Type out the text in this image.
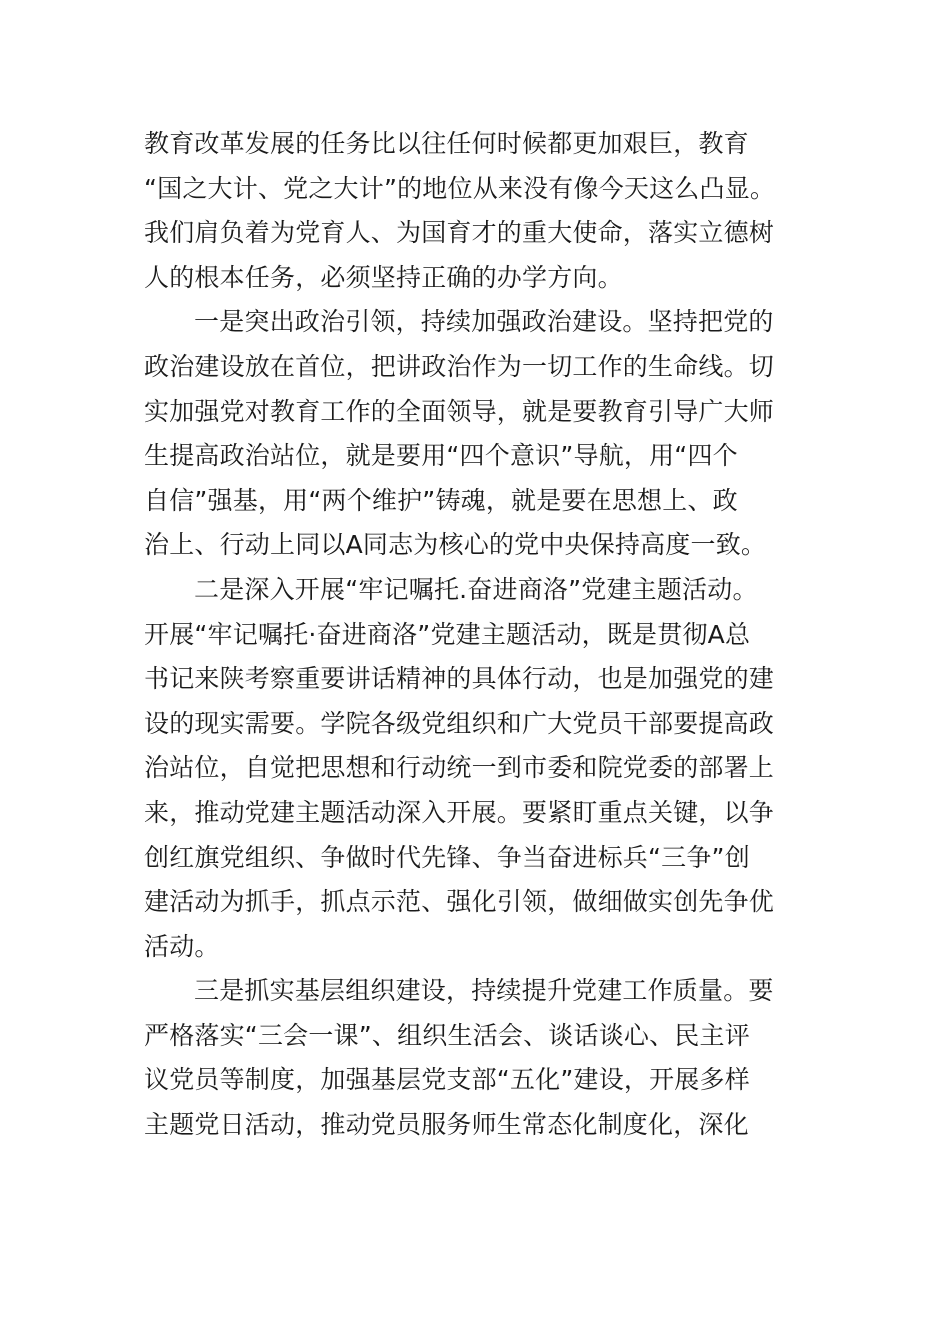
教育改革发展的任务比以往任何时候都更加艰巨，教育
“国之大计、党之大计”的地位从来没有像今天这么凸显。
我们肩负着为党育人、为国育才的重大使命，落实立德树
人的根本任务，必须坚持正确的办学方向。
一是突出政治引领，持续加强政治建设。坚持把党的
政治建设放在首位，把讲政治作为一切工作的生命线。切
实加强党对教育工作的全面领导，就是要教育引导广大师
生提高政治站位，就是要用“四个意识”导航，用“四个
自信”强基，用“两个维护”铸魂，就是要在思想上、政
治上、行动上同以A同志为核心的党中央保持高度一致。
二是深入开展“牢记嘱托.奋进商洛”党建主题活动。
开展“牢记嘱托·奋进商洛”党建主题活动，既是贯彻A总
书记来陕考察重要讲话精神的具体行动，也是加强党的建
设的现实需要。学院各级党组织和广大党员干部要提高政
治站位，自觉把思想和行动统一到市委和院党委的部署上
来，推动党建主题活动深入开展。要紧盯重点关键，以争
创红旗党组织、争做时代先锋、争当奋进标兵“三争”创
建活动为抓手，抓点示范、强化引领，做细做实创先争优
活动。
三是抓实基层组织建设，持续提升党建工作质量。要
严格落实“三会一课”、组织生活会、谈话谈心、民主评
议党员等制度，加强基层党支部“五化”建设，开展多样
主题党日活动，推动党员服务师生常态化制度化，深化
